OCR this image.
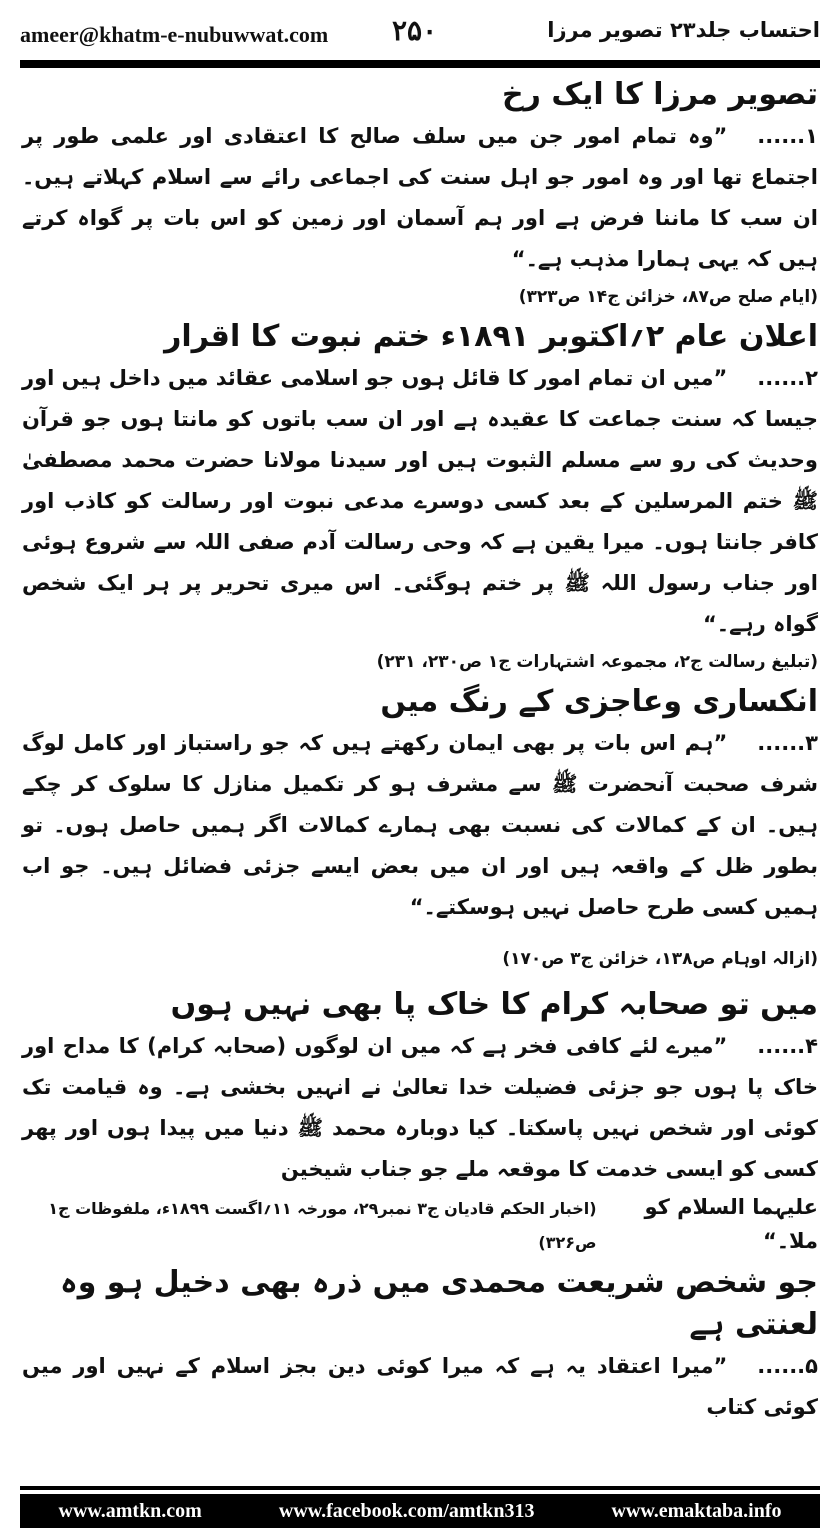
ameer@khatm-e-nubuwwat.com ۲۵۰	احتساب جلد۲۳ تصویر مرزا
تصویر مرزا کا ایک رخ

۱......”وہ تمام امور جن میں سلف صالح کا اعتقادی اور علمی طور پر اجتماع تھا اور وہ امور جو اہل سنت کی اجماعی رائے سے اسلام کہلاتے ہیں۔ ان سب کا ماننا فرض ہے اور ہم آسمان اور زمین کو اس بات پر گواہ کرتے ہیں کہ یہی ہمارا مذہب ہے۔“

(ایام صلح ص۸۷، خزائن ج۱۴ ص۳۲۳)
اعلان عام ۲؍اکتوبر ۱۸۹۱ء ختم نبوت کا اقرار

۲......”میں ان تمام امور کا قائل ہوں جو اسلامی عقائد میں داخل ہیں اور جیسا کہ سنت جماعت کا عقیدہ ہے اور ان سب باتوں کو مانتا ہوں جو قرآن وحدیث کی رو سے مسلم الثبوت ہیں اور سیدنا مولانا حضرت محمد مصطفیٰ ﷺ ختم المرسلین کے بعد کسی دوسرے مدعی نبوت اور رسالت کو کاذب اور کافر جانتا ہوں۔ میرا یقین ہے کہ وحی رسالت آدم صفی اللہ سے شروع ہوئی اور جناب رسول اللہ ﷺ پر ختم ہوگئی۔ اس میری تحریر پر ہر ایک شخص گواہ رہے۔“

(تبلیغ رسالت ج۲، مجموعہ اشتہارات ج۱ ص۲۳۰، ۲۳۱)
انکساری وعاجزی کے رنگ میں

۳......”ہم اس بات پر بھی ایمان رکھتے ہیں کہ جو راستباز اور کامل لوگ شرف صحبت آنحضرت ﷺ سے مشرف ہو کر تکمیل منازل کا سلوک کر چکے ہیں۔ ان کے کمالات کی نسبت بھی ہمارے کمالات اگر ہمیں حاصل ہوں۔ تو بطور ظل کے واقعہ ہیں اور ان میں بعض ایسے جزئی فضائل ہیں۔ جو اب ہمیں کسی طرح حاصل نہیں ہوسکتے۔“

(ازالہ اوہام ص۱۳۸، خزائن ج۳ ص۱۷۰)
میں تو صحابہ کرام کا خاک پا بھی نہیں ہوں

۴......”میرے لئے کافی فخر ہے کہ میں ان لوگوں (صحابہ کرام) کا مداح اور خاک پا ہوں جو جزئی فضیلت خدا تعالیٰ نے انہیں بخشی ہے۔ وہ قیامت تک کوئی اور شخص نہیں پاسکتا۔ کیا دوبارہ محمد ﷺ دنیا میں پیدا ہوں اور پھر کسی کو ایسی خدمت کا موقعہ ملے جو جناب شیخین

علیہما السلام کو ملا۔“
(اخبار الحکم قادیان ج۳ نمبر۲۹، مورخہ ۱۱؍اگست ۱۸۹۹ء، ملفوظات ج۱ ص۳۲۶)
جو شخص شریعت محمدی میں ذرہ بھی دخیل ہو وہ لعنتی ہے

۵......”میرا اعتقاد یہ ہے کہ میرا کوئی دین بجز اسلام کے نہیں اور میں کوئی کتاب

www.amtkn.com	www.facebook.com/amtkn313	www.emaktaba.info
